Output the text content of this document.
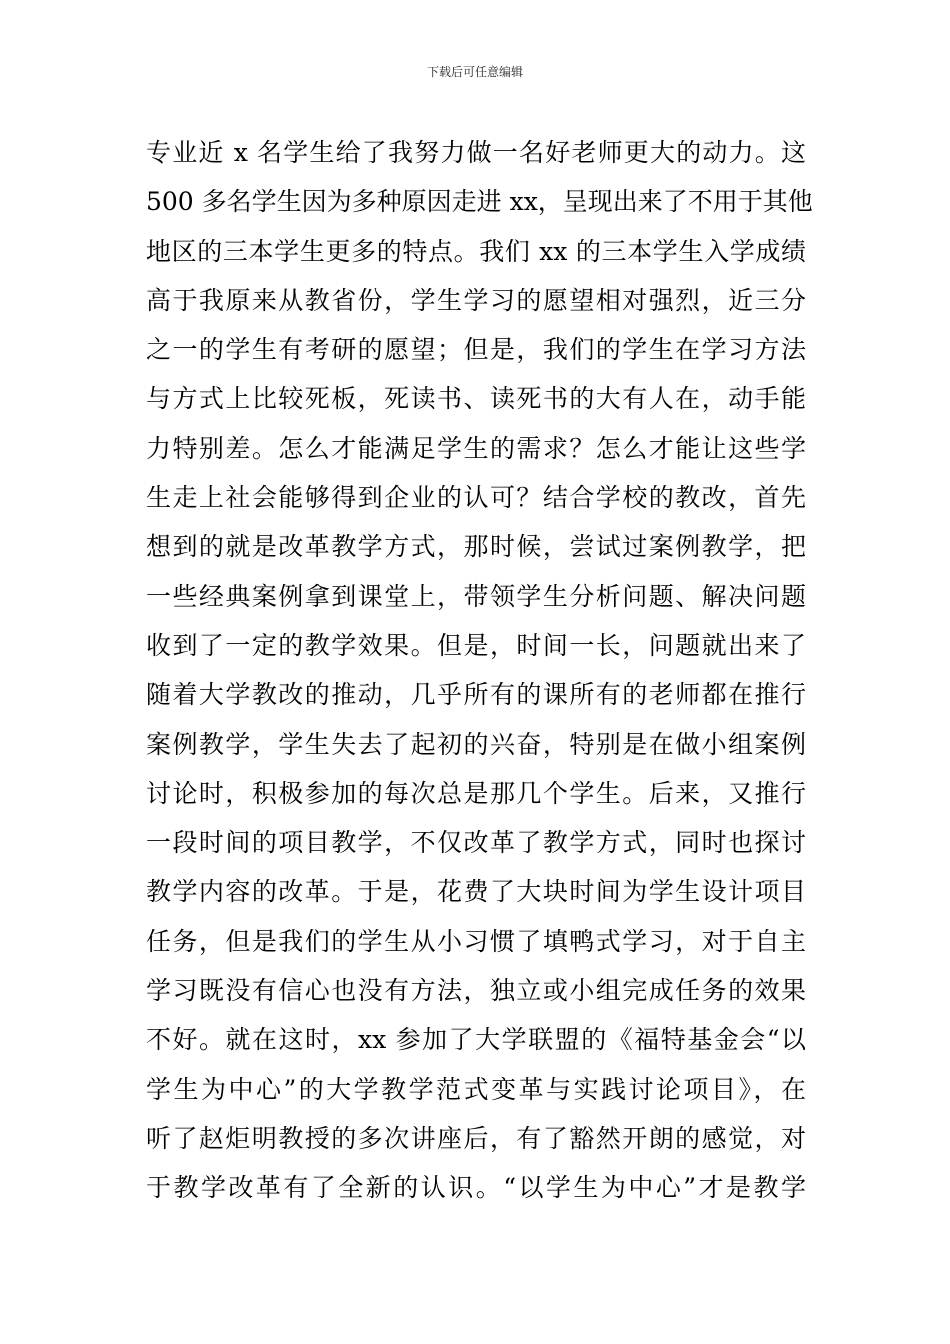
下载后可任意编辑
专业近 x 名学生给了我努力做一名好老师更大的动力。这
500 多名学生因为多种原因走进 xx，呈现出来了不用于其他
地区的三本学生更多的特点。我们 xx 的三本学生入学成绩
高于我原来从教省份，学生学习的愿望相对强烈，近三分
之一的学生有考研的愿望；但是，我们的学生在学习方法
与方式上比较死板，死读书、读死书的大有人在，动手能
力特别差。怎么才能满足学生的需求？怎么才能让这些学
生走上社会能够得到企业的认可？结合学校的教改，首先
想到的就是改革教学方式，那时候，尝试过案例教学，把
一些经典案例拿到课堂上，带领学生分析问题、解决问题
收到了一定的教学效果。但是，时间一长，问题就出来了
随着大学教改的推动，几乎所有的课所有的老师都在推行
案例教学，学生失去了起初的兴奋，特别是在做小组案例
讨论时，积极参加的每次总是那几个学生。后来，又推行
一段时间的项目教学，不仅改革了教学方式，同时也探讨
教学内容的改革。于是，花费了大块时间为学生设计项目
任务，但是我们的学生从小习惯了填鸭式学习，对于自主
学习既没有信心也没有方法，独立或小组完成任务的效果
不好。就在这时，xx 参加了大学联盟的《福特基金会“以
学生为中心”的大学教学范式变革与实践讨论项目》，在
听了赵炬明教授的多次讲座后，有了豁然开朗的感觉，对
于教学改革有了全新的认识。“以学生为中心”才是教学
